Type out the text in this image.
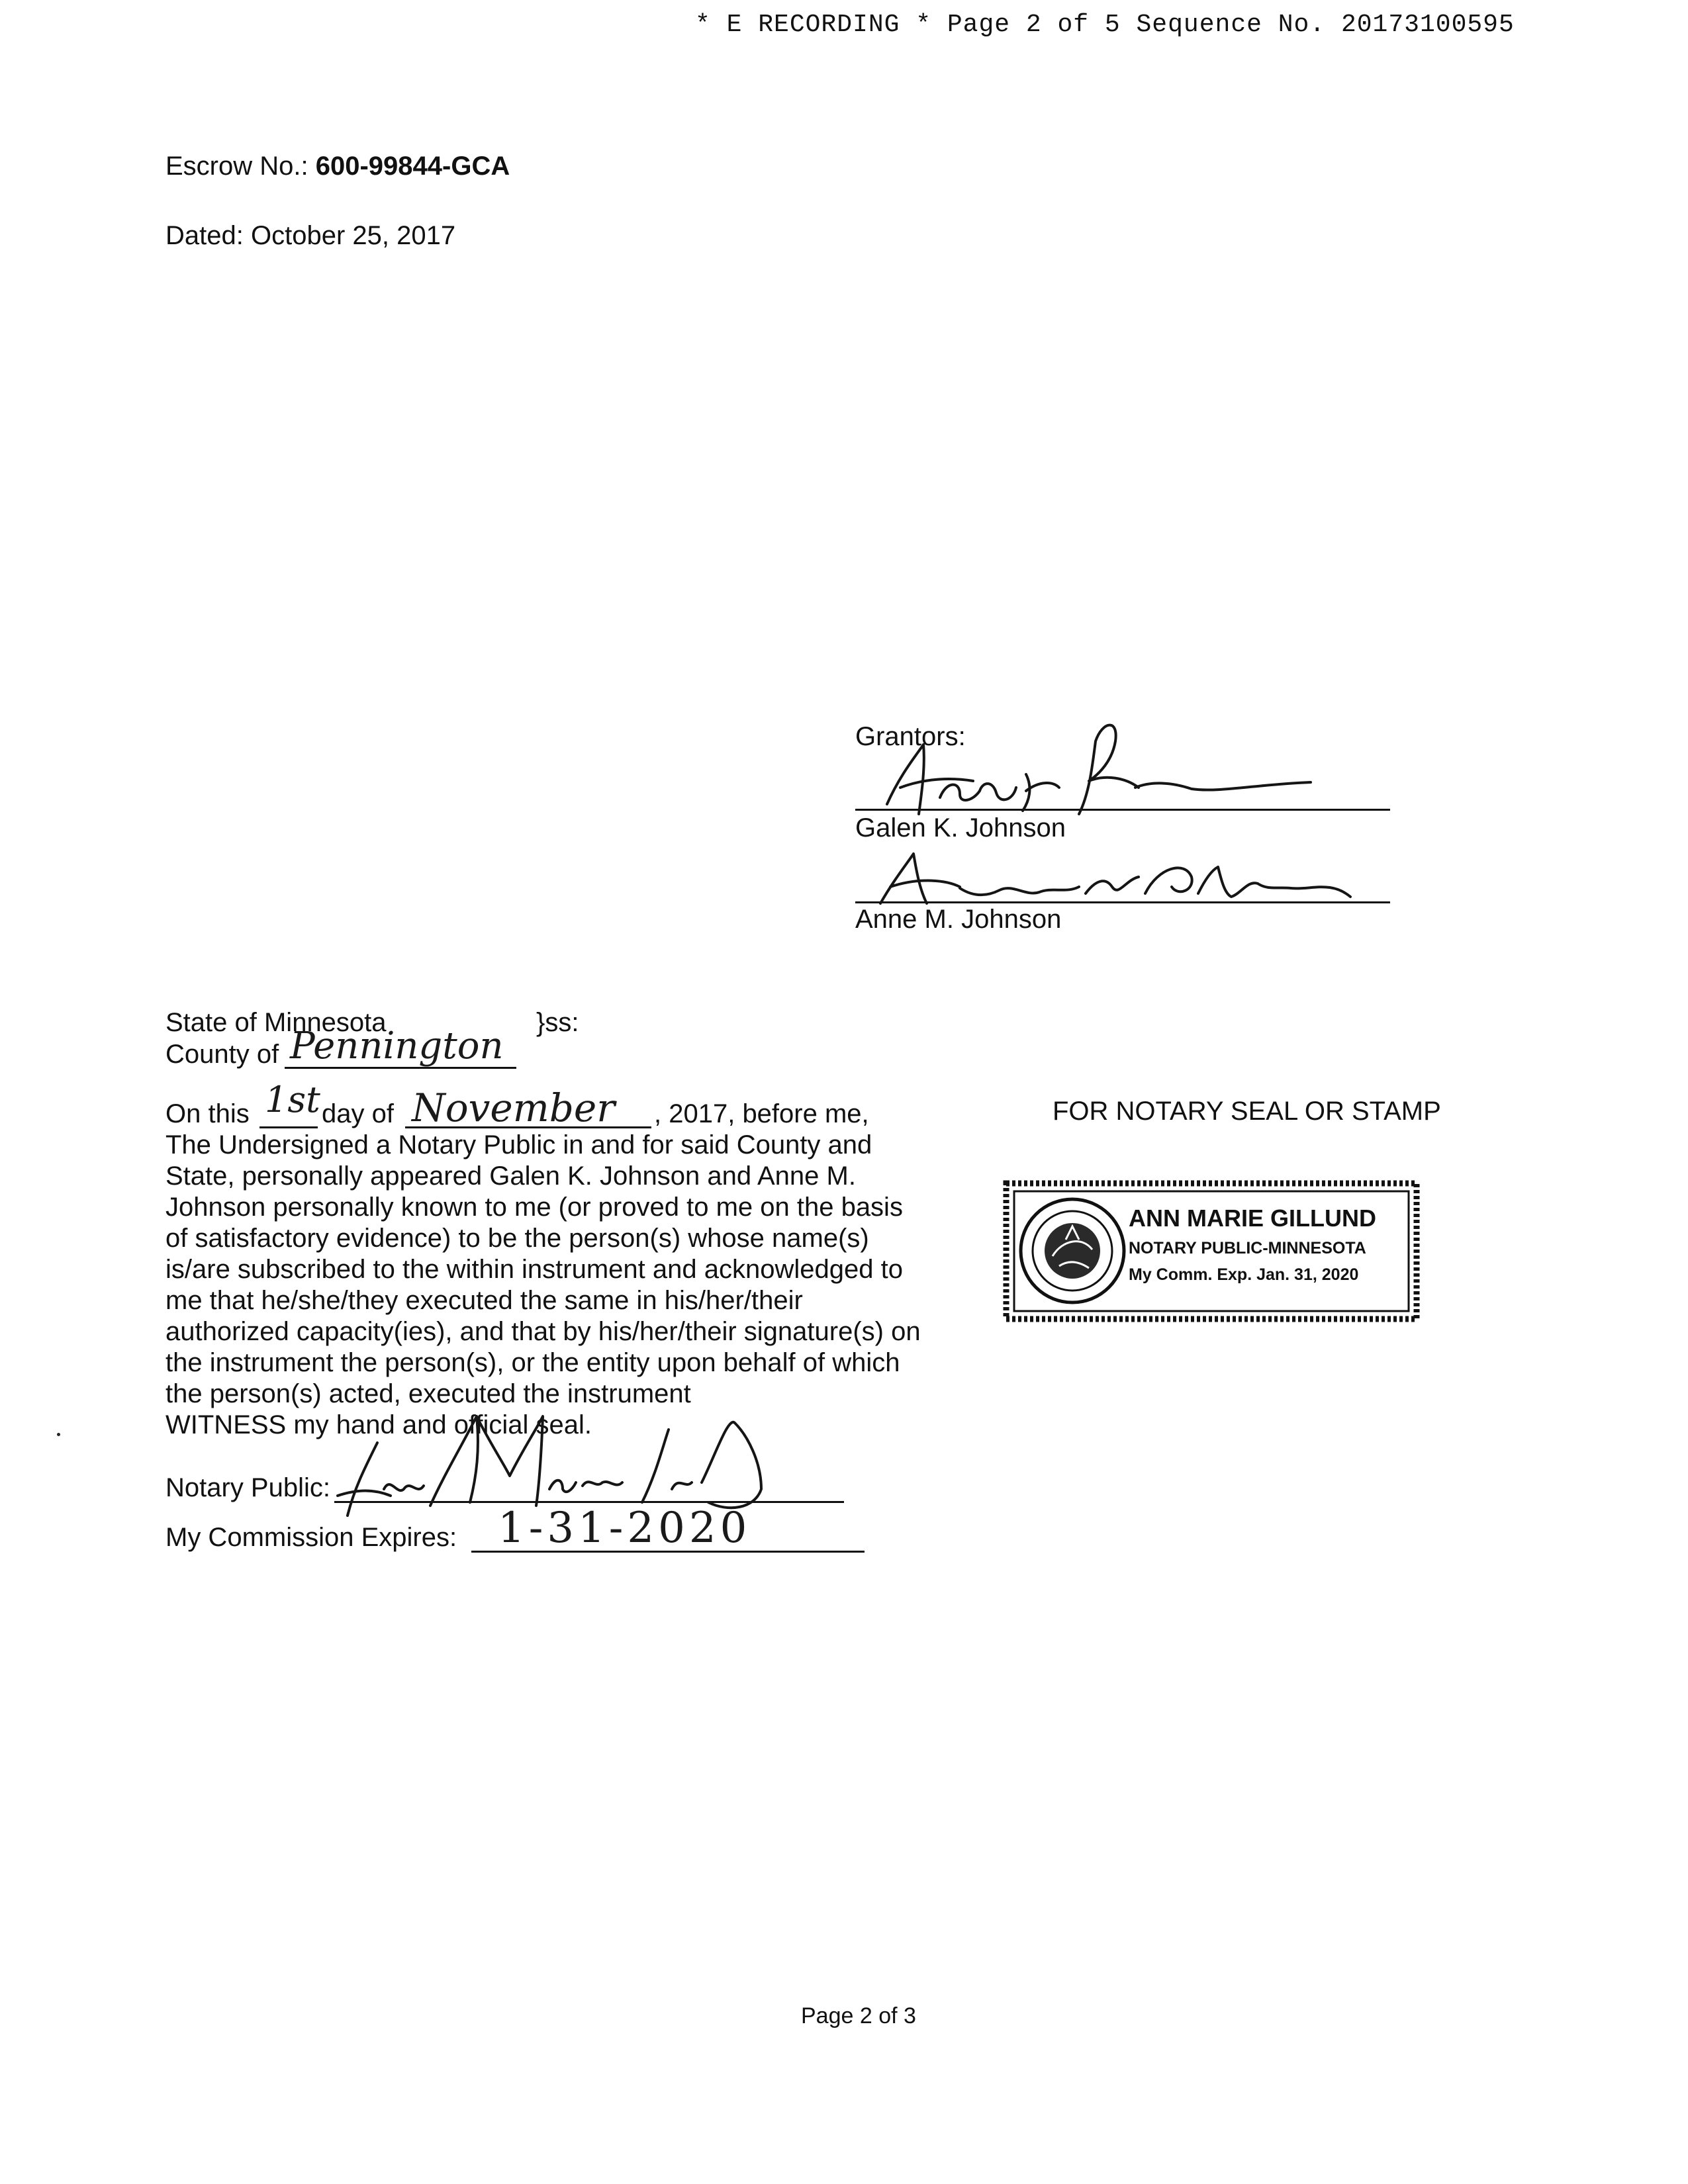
* E RECORDING * Page 2 of 5 Sequence No. 20173100595
Escrow No.: 600-99844-GCA
Dated: October 25, 2017
Grantors:
Galen K. Johnson
Anne M. Johnson
State of Minnesota	}ss:
County of Pennington
On this 1st day of November , 2017, before me,
The Undersigned a Notary Public in and for said County and
State, personally appeared Galen K. Johnson and Anne M.
Johnson personally known to me (or proved to me on the basis
of satisfactory evidence) to be the person(s) whose name(s)
is/are subscribed to the within instrument and acknowledged to
me that he/she/they executed the same in his/her/their
authorized capacity(ies), and that by his/her/their signature(s) on
the instrument the person(s), or the entity upon behalf of which
the person(s) acted, executed the instrument
WITNESS my hand and official seal.
Notary Public:
My Commission Expires: 1-31-2020
FOR NOTARY SEAL OR STAMP
ANN MARIE GILLUND
NOTARY PUBLIC-MINNESOTA
My Comm. Exp. Jan. 31, 2020
Page 2 of 3
